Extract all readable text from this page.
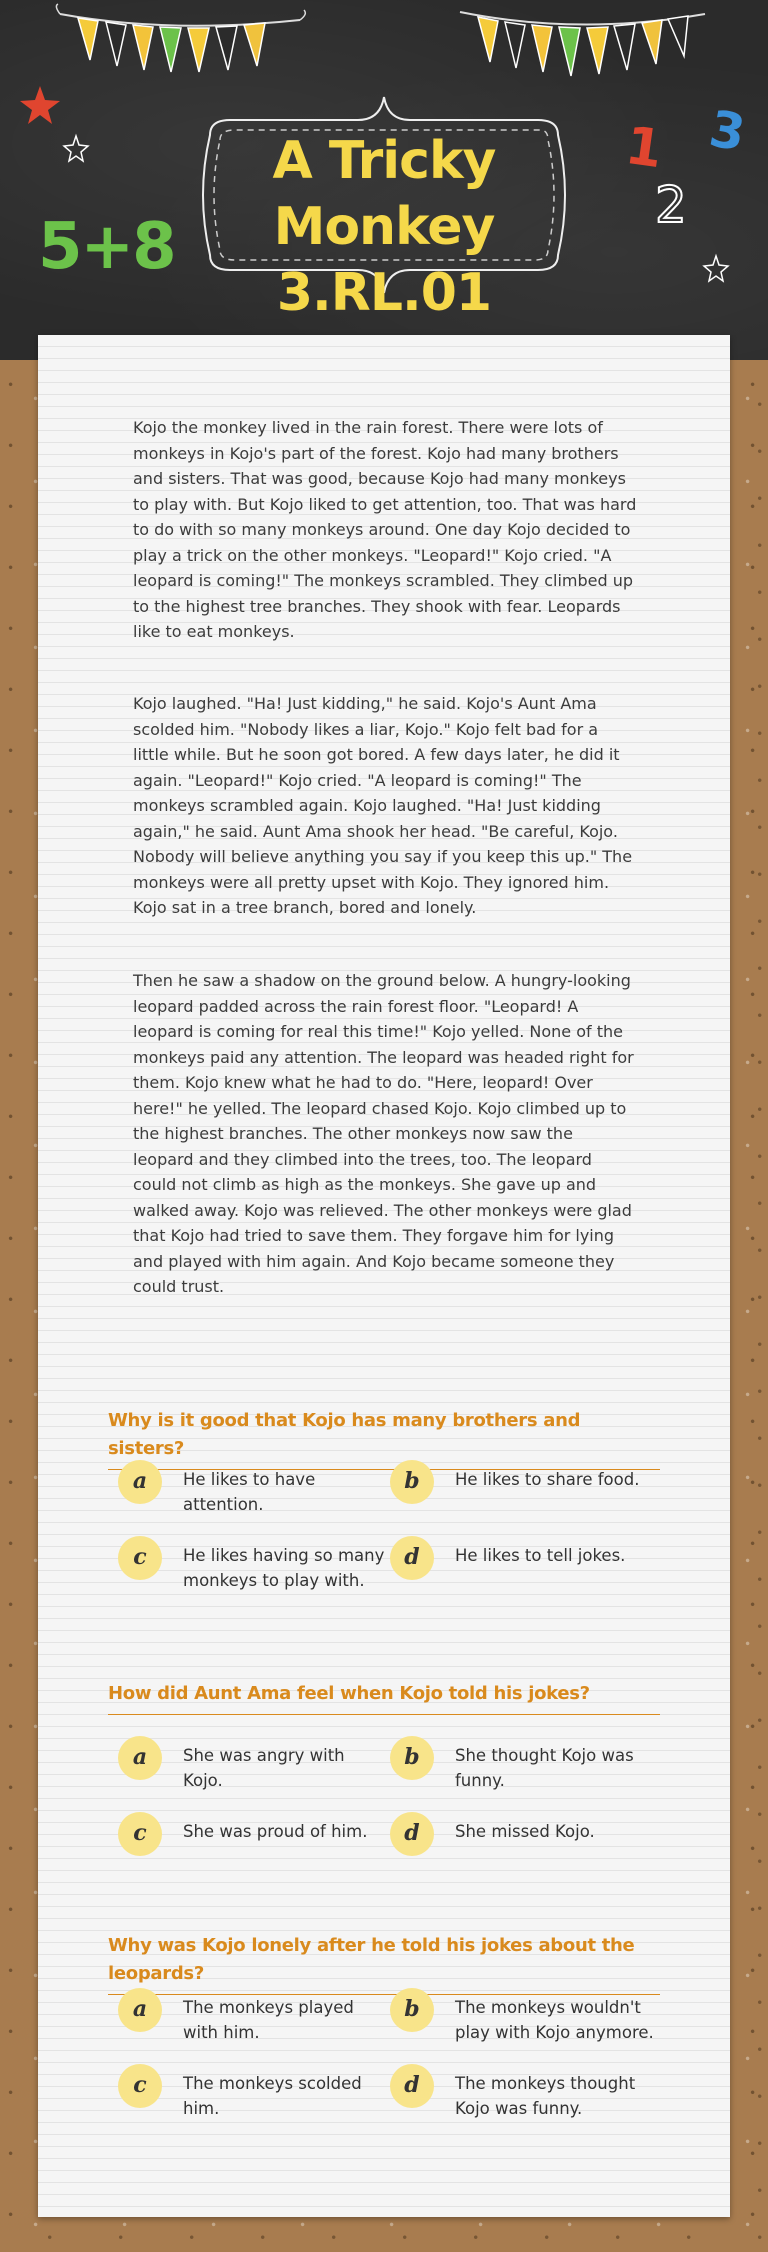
5+8
1
2
3
A Tricky Monkey
3.RL.01
Kojo the monkey lived in the rain forest. There were lots of monkeys in Kojo's part of the forest. Kojo had many brothers and sisters. That was good, because Kojo had many monkeys to play with. But Kojo liked to get attention, too. That was hard to do with so many monkeys around. One day Kojo decided to play a trick on the other monkeys. "Leopard!" Kojo cried. "A leopard is coming!" The monkeys scrambled. They climbed up to the highest tree branches. They shook with fear. Leopards like to eat monkeys.
Kojo laughed. "Ha! Just kidding," he said. Kojo's Aunt Ama scolded him. "Nobody likes a liar, Kojo." Kojo felt bad for a little while. But he soon got bored. A few days later, he did it again. "Leopard!" Kojo cried. "A leopard is coming!" The monkeys scrambled again. Kojo laughed. "Ha! Just kidding again," he said. Aunt Ama shook her head. "Be careful, Kojo. Nobody will believe anything you say if you keep this up." The monkeys were all pretty upset with Kojo. They ignored him. Kojo sat in a tree branch, bored and lonely.
Then he saw a shadow on the ground below. A hungry-looking leopard padded across the rain forest floor. "Leopard! A leopard is coming for real this time!" Kojo yelled. None of the monkeys paid any attention. The leopard was headed right for them. Kojo knew what he had to do. "Here, leopard! Over here!" he yelled. The leopard chased Kojo. Kojo climbed up to the highest branches. The other monkeys now saw the leopard and they climbed into the trees, too. The leopard could not climb as high as the monkeys. She gave up and walked away. Kojo was relieved. The other monkeys were glad that Kojo had tried to save them. They forgave him for lying and played with him again. And Kojo became someone they could trust.
Why is it good that Kojo has many brothers and sisters?
a	He likes to have attention.
b	He likes to share food.
c	He likes having so many monkeys to play with.
d	He likes to tell jokes.
How did Aunt Ama feel when Kojo told his jokes?
a	She was angry with Kojo.
b	She thought Kojo was funny.
c	She was proud of him.	d	She missed Kojo.
Why was Kojo lonely after he told his jokes about the leopards?
a	The monkeys played with him.
b	The monkeys wouldn't play with Kojo anymore.
c	The monkeys scolded him.
d	The monkeys thought Kojo was funny.
